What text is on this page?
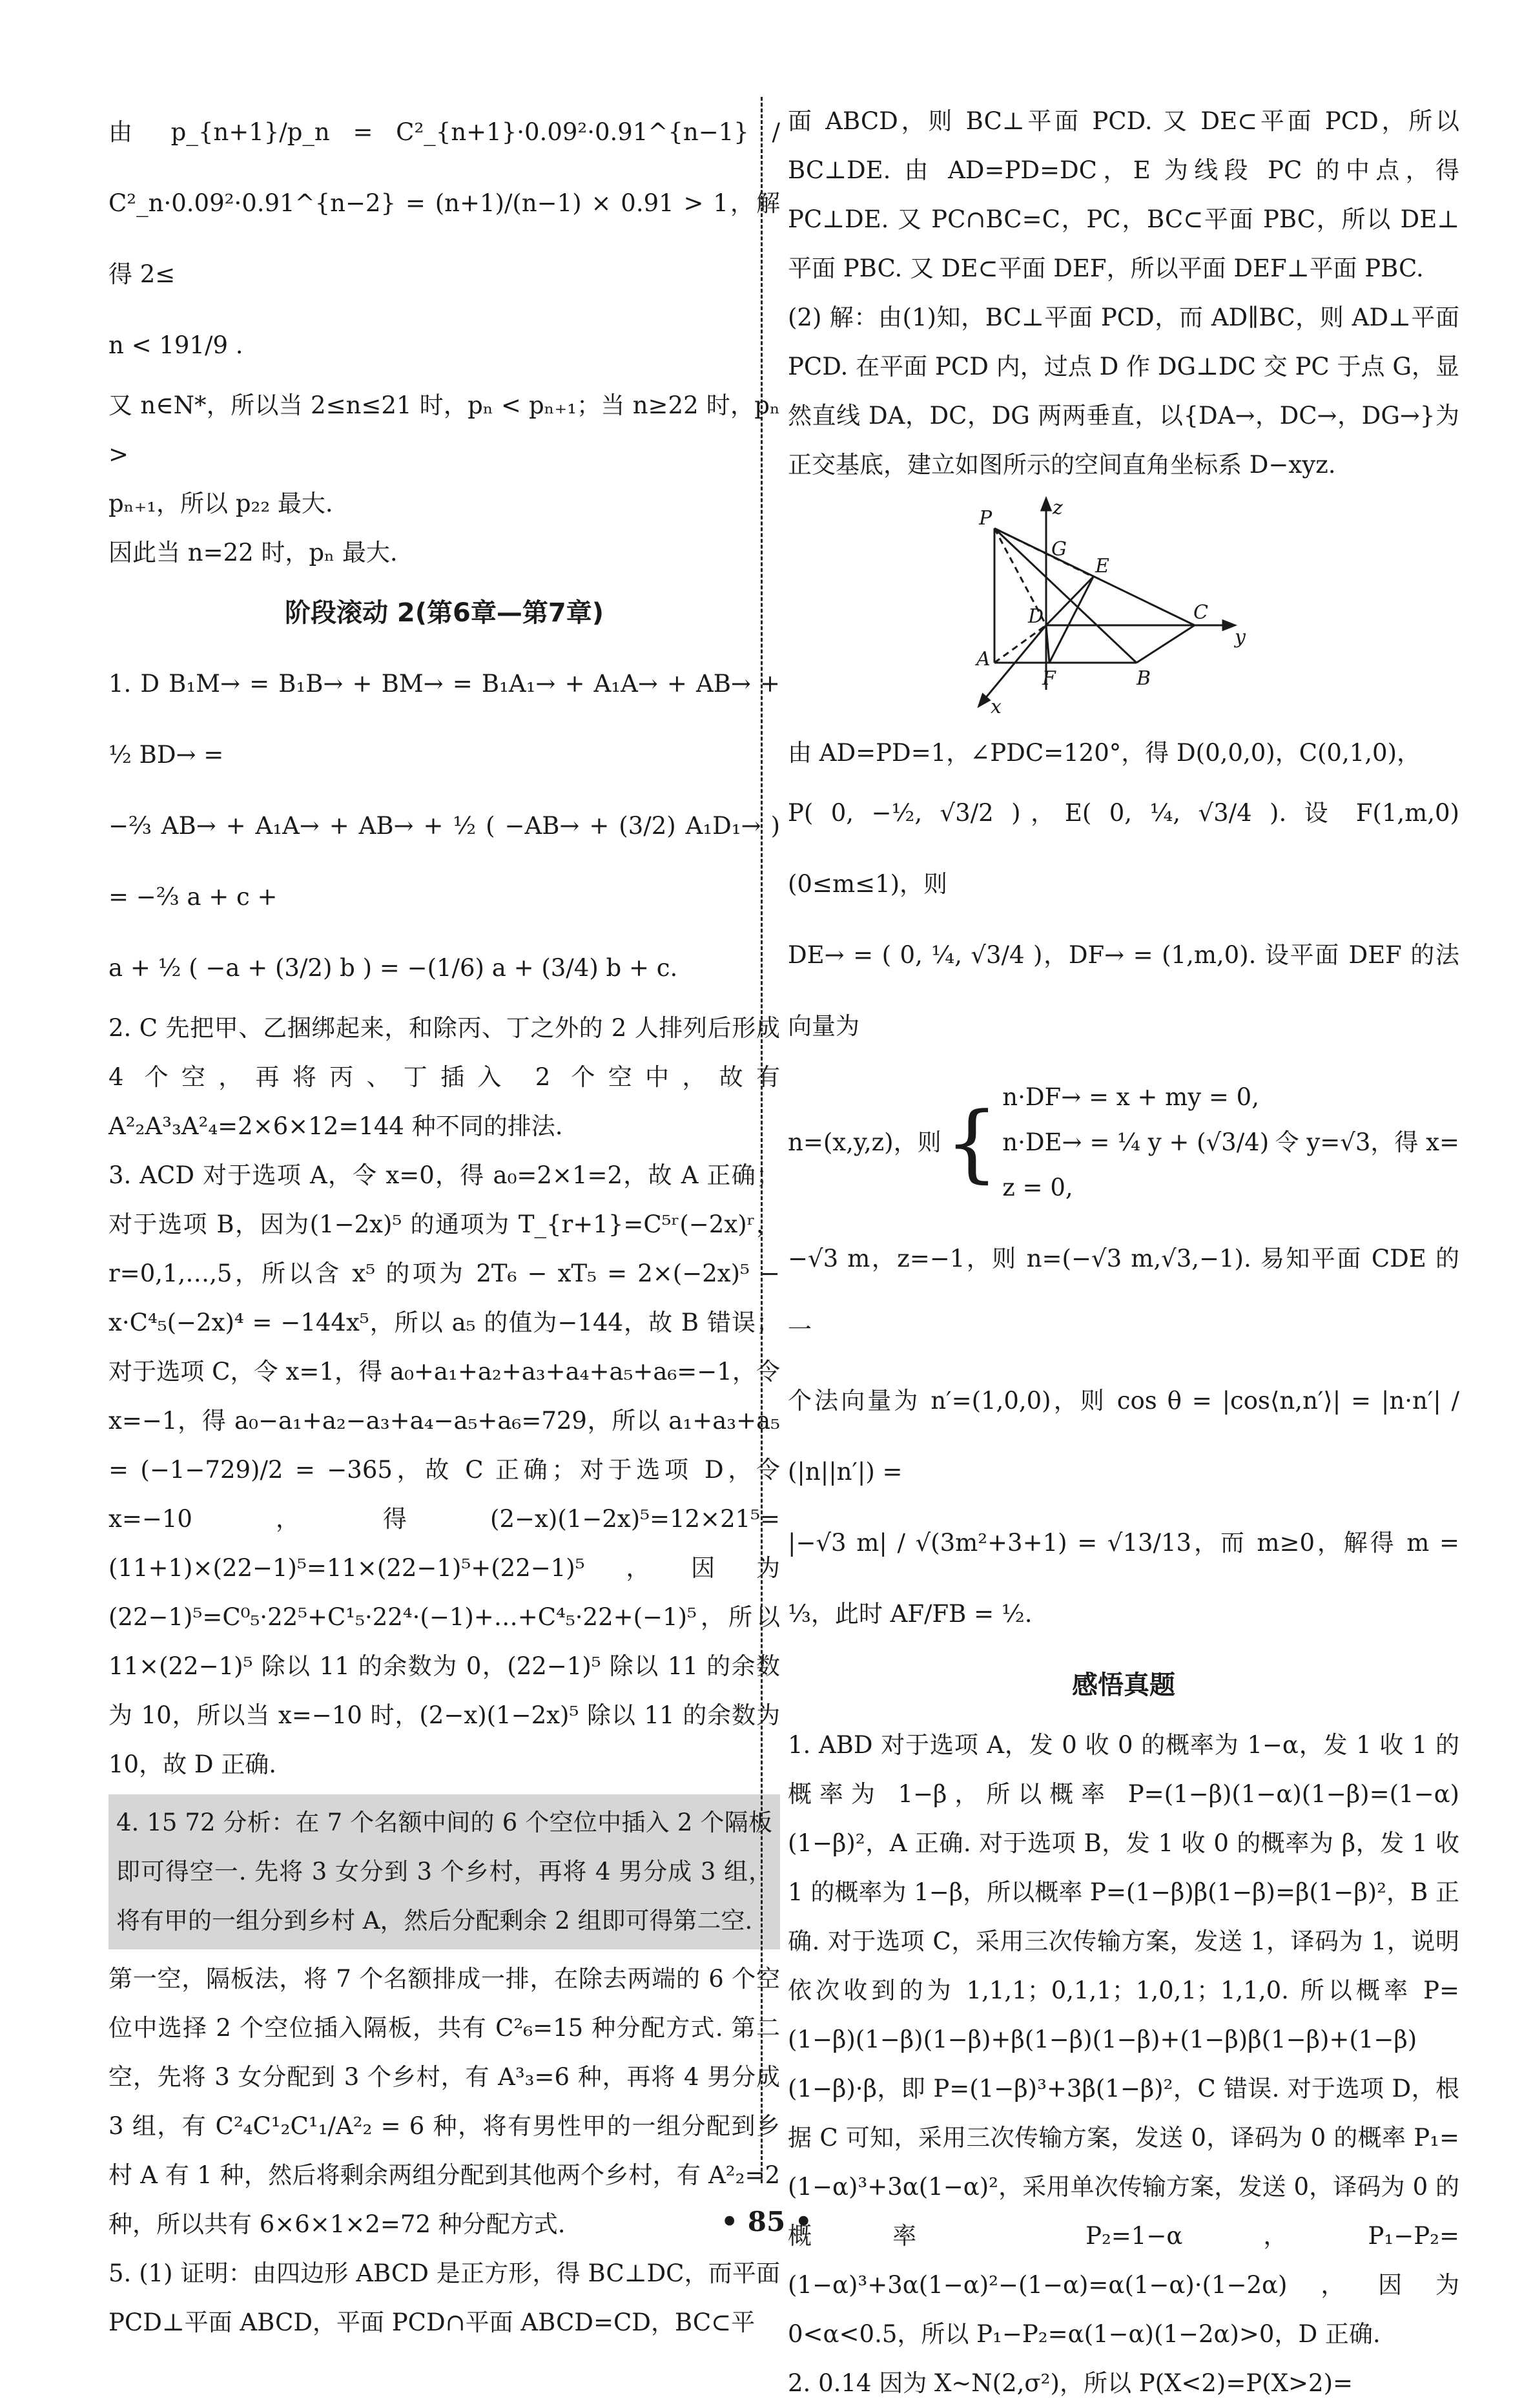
由 p_{n+1}/p_n = C²_{n+1}·0.09²·0.91^{n−1} / C²_n·0.09²·0.91^{n−2} = (n+1)/(n−1) × 0.91 > 1，解得 2≤

n < 191/9 .

又 n∈N*，所以当 2≤n≤21 时，pₙ < pₙ₊₁；当 n≥22 时，pₙ >

pₙ₊₁，所以 p₂₂ 最大.

因此当 n=22 时，pₙ 最大.

阶段滚动 2(第6章—第7章)

1. D B₁M→ = B₁B→ + BM→ = B₁A₁→ + A₁A→ + AB→ + ½ BD→ =

−⅔ AB→ + A₁A→ + AB→ + ½ ( −AB→ + (3/2) A₁D₁→ ) = −⅔ a + c +

a + ½ ( −a + (3/2) b ) = −(1/6) a + (3/4) b + c.

2. C 先把甲、乙捆绑起来，和除丙、丁之外的 2 人排列后形成 4 个空，再将丙、丁插入 2 个空中，故有 A²₂A³₃A²₄=2×6×12=144 种不同的排法.

3. ACD 对于选项 A，令 x=0，得 a₀=2×1=2，故 A 正确；对于选项 B，因为(1−2x)⁵ 的通项为 T_{r+1}=C⁵ʳ(−2x)ʳ，r=0,1,…,5，所以含 x⁵ 的项为 2T₆ − xT₅ = 2×(−2x)⁵ − x·C⁴₅(−2x)⁴ = −144x⁵，所以 a₅ 的值为−144，故 B 错误；对于选项 C，令 x=1，得 a₀+a₁+a₂+a₃+a₄+a₅+a₆=−1，令 x=−1，得 a₀−a₁+a₂−a₃+a₄−a₅+a₆=729，所以 a₁+a₃+a₅ = (−1−729)/2 = −365，故 C 正确；对于选项 D，令 x=−10，得(2−x)(1−2x)⁵=12×21⁵=(11+1)×(22−1)⁵=11×(22−1)⁵+(22−1)⁵，因为(22−1)⁵=C⁰₅·22⁵+C¹₅·22⁴·(−1)+…+C⁴₅·22+(−1)⁵，所以 11×(22−1)⁵ 除以 11 的余数为 0，(22−1)⁵ 除以 11 的余数为 10，所以当 x=−10 时，(2−x)(1−2x)⁵ 除以 11 的余数为 10，故 D 正确.

4. 15 72 分析：在 7 个名额中间的 6 个空位中插入 2 个隔板即可得空一. 先将 3 女分到 3 个乡村，再将 4 男分成 3 组，将有甲的一组分到乡村 A，然后分配剩余 2 组即可得第二空.

第一空，隔板法，将 7 个名额排成一排，在除去两端的 6 个空位中选择 2 个空位插入隔板，共有 C²₆=15 种分配方式. 第二空，先将 3 女分配到 3 个乡村，有 A³₃=6 种，再将 4 男分成 3 组，有 C²₄C¹₂C¹₁/A²₂ = 6 种，将有男性甲的一组分配到乡村 A 有 1 种，然后将剩余两组分配到其他两个乡村，有 A²₂=2 种，所以共有 6×6×1×2=72 种分配方式.

5. (1) 证明：由四边形 ABCD 是正方形，得 BC⊥DC，而平面 PCD⊥平面 ABCD，平面 PCD∩平面 ABCD=CD，BC⊂平

面 ABCD，则 BC⊥平面 PCD. 又 DE⊂平面 PCD，所以 BC⊥DE. 由 AD=PD=DC，E 为线段 PC 的中点，得 PC⊥DE. 又 PC∩BC=C，PC，BC⊂平面 PBC，所以 DE⊥平面 PBC. 又 DE⊂平面 DEF，所以平面 DEF⊥平面 PBC.

(2) 解：由(1)知，BC⊥平面 PCD，而 AD∥BC，则 AD⊥平面 PCD. 在平面 PCD 内，过点 D 作 DG⊥DC 交 PC 于点 G，显然直线 DA，DC，DG 两两垂直，以{DA→，DC→，DG→}为正交基底，建立如图所示的空间直角坐标系 D−xyz.

P
G
E
D	C
A
F	B
x
y
z

由 AD=PD=1，∠PDC=120°，得 D(0,0,0)，C(0,1,0)，

P( 0, −½, √3/2 )，E( 0, ¼, √3/4 ). 设 F(1,m,0)(0≤m≤1)，则

DE→ = ( 0, ¼, √3/4 )，DF→ = (1,m,0). 设平面 DEF 的法向量为

n=(x,y,z)，则 { n·DF→ = x + my = 0,
n·DE→ = ¼ y + (√3/4) z = 0,
令 y=√3，得 x=

−√3 m，z=−1，则 n=(−√3 m,√3,−1). 易知平面 CDE 的一

个法向量为 n′=(1,0,0)，则 cos θ = |cos⟨n,n′⟩| = |n·n′| / (|n||n′|) =

|−√3 m| / √(3m²+3+1) = √13/13，而 m≥0，解得 m = ⅓，此时 AF/FB = ½.

感悟真题

1. ABD 对于选项 A，发 0 收 0 的概率为 1−α，发 1 收 1 的概率为 1−β，所以概率 P=(1−β)(1−α)(1−β)=(1−α)(1−β)²，A 正确. 对于选项 B，发 1 收 0 的概率为 β，发 1 收 1 的概率为 1−β，所以概率 P=(1−β)β(1−β)=β(1−β)²，B 正确. 对于选项 C，采用三次传输方案，发送 1，译码为 1，说明依次收到的为 1,1,1；0,1,1；1,0,1；1,1,0. 所以概率 P=(1−β)(1−β)(1−β)+β(1−β)(1−β)+(1−β)β(1−β)+(1−β)(1−β)·β，即 P=(1−β)³+3β(1−β)²，C 错误. 对于选项 D，根据 C 可知，采用三次传输方案，发送 0，译码为 0 的概率 P₁=(1−α)³+3α(1−α)²，采用单次传输方案，发送 0，译码为 0 的概率 P₂=1−α，P₁−P₂=(1−α)³+3α(1−α)²−(1−α)=α(1−α)·(1−2α)，因为 0<α<0.5，所以 P₁−P₂=α(1−α)(1−2α)>0，D 正确.

2. 0.14 因为 X∼N(2,σ²)，所以 P(X<2)=P(X>2)=

• 85 •
